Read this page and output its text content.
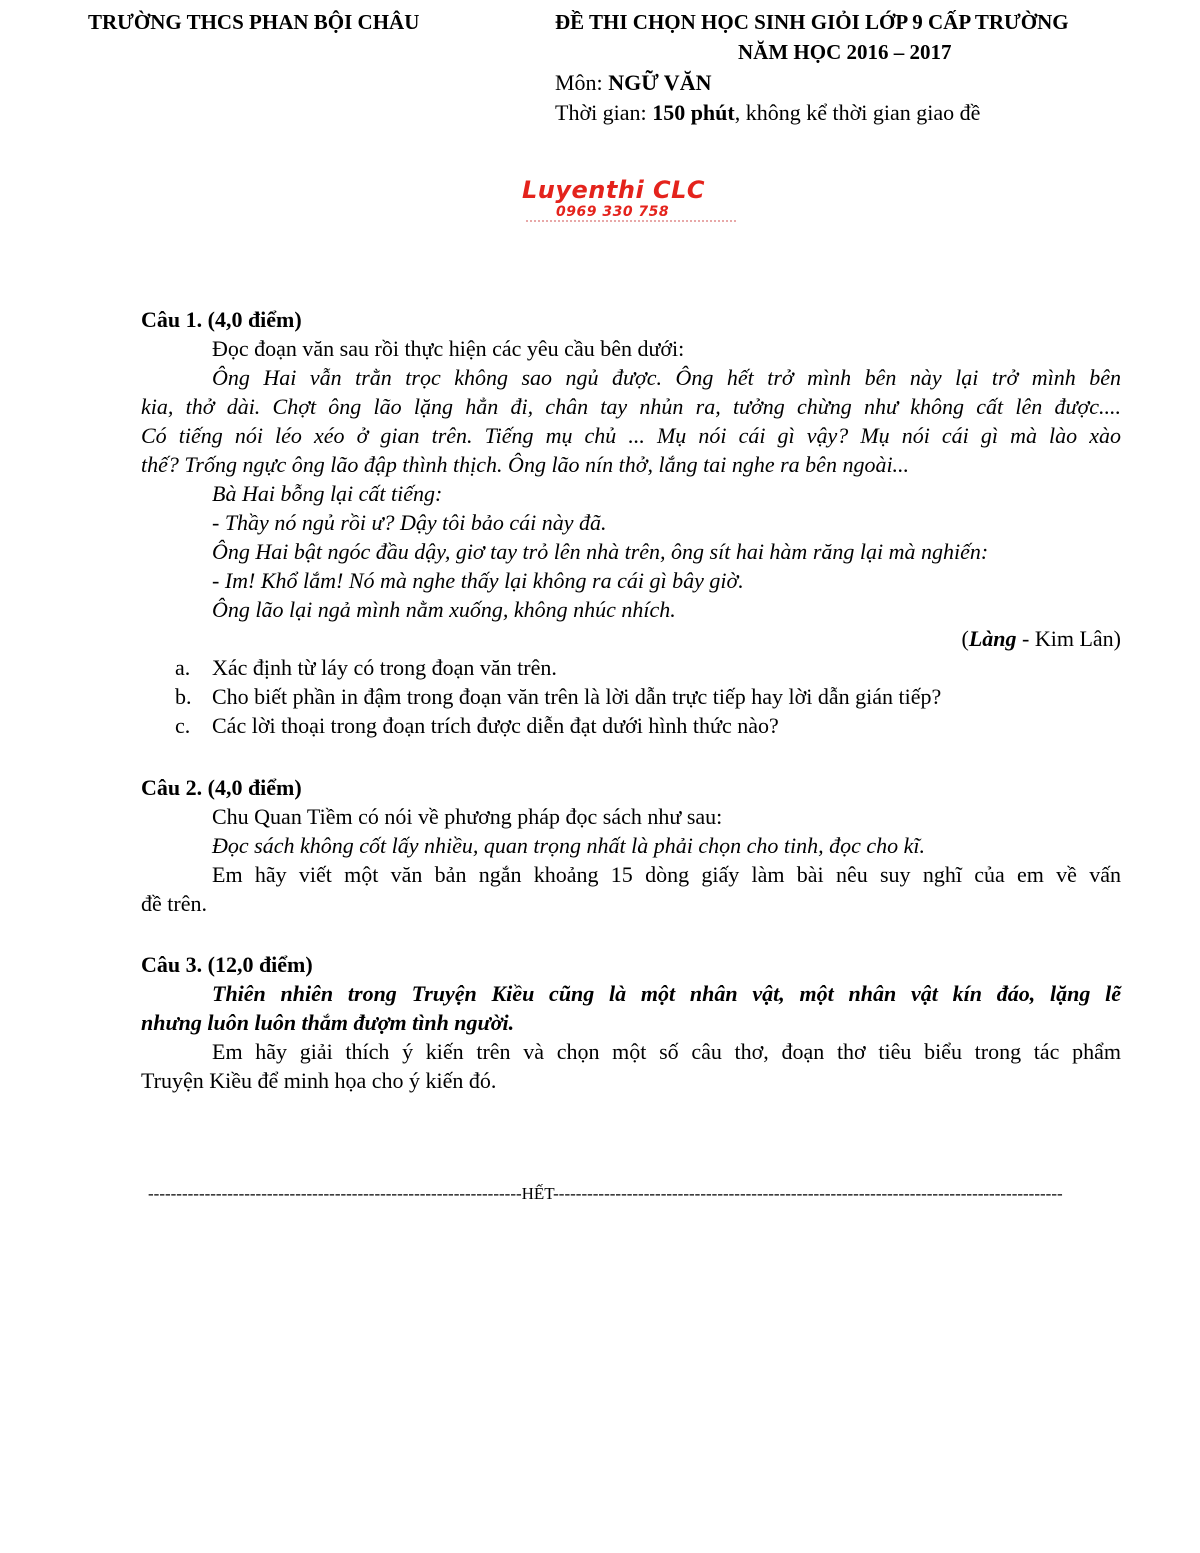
TRƯỜNG THCS PHAN BỘI CHÂU	ĐỀ THI CHỌN HỌC SINH GIỎI LỚP 9 CẤP TRƯỜNG
NĂM HỌC 2016 – 2017
Môn: NGỮ VĂN
Thời gian: 150 phút, không kể thời gian giao đề
Luyenthi CLC
0969 330 758
Câu 1. (4,0 điểm)
Đọc đoạn văn sau rồi thực hiện các yêu cầu bên dưới:
Ông Hai vẫn trằn trọc không sao ngủ được. Ông hết trở mình bên này lại trở mình bên
kia, thở dài. Chợt ông lão lặng hẳn đi, chân tay nhủn ra, tưởng chừng như không cất lên được....
Có tiếng nói léo xéo ở gian trên. Tiếng mụ chủ ... Mụ nói cái gì vậy? Mụ nói cái gì mà lào xào
thế? Trống ngực ông lão đập thình thịch. Ông lão nín thở, lắng tai nghe ra bên ngoài...
Bà Hai bỗng lại cất tiếng:
- Thầy nó ngủ rồi ư? Dậy tôi bảo cái này đã.
Ông Hai bật ngóc đầu dậy, giơ tay trỏ lên nhà trên, ông sít hai hàm răng lại mà nghiến:
- Im! Khổ lắm! Nó mà nghe thấy lại không ra cái gì bây giờ.
Ông lão lại ngả mình nằm xuống, không nhúc nhích.
(Làng - Kim Lân)
a. Xác định từ láy có trong đoạn văn trên.
b. Cho biết phần in đậm trong đoạn văn trên là lời dẫn trực tiếp hay lời dẫn gián tiếp?
c. Các lời thoại trong đoạn trích được diễn đạt dưới hình thức nào?
Câu 2. (4,0 điểm)
Chu Quan Tiềm có nói về phương pháp đọc sách như sau:
Đọc sách không cốt lấy nhiều, quan trọng nhất là phải chọn cho tinh, đọc cho kĩ.
Em hãy viết một văn bản ngắn khoảng 15 dòng giấy làm bài nêu suy nghĩ của em về vấn
đề trên.
Câu 3. (12,0 điểm)
Thiên nhiên trong Truyện Kiều cũng là một nhân vật, một nhân vật kín đáo, lặng lẽ
nhưng luôn luôn thắm đượm tình người.
Em hãy giải thích ý kiến trên và chọn một số câu thơ, đoạn thơ tiêu biểu trong tác phẩm
Truyện Kiều để minh họa cho ý kiến đó.
------------------------------------------------------------------HẾT------------------------------------------------------------------------------------------
